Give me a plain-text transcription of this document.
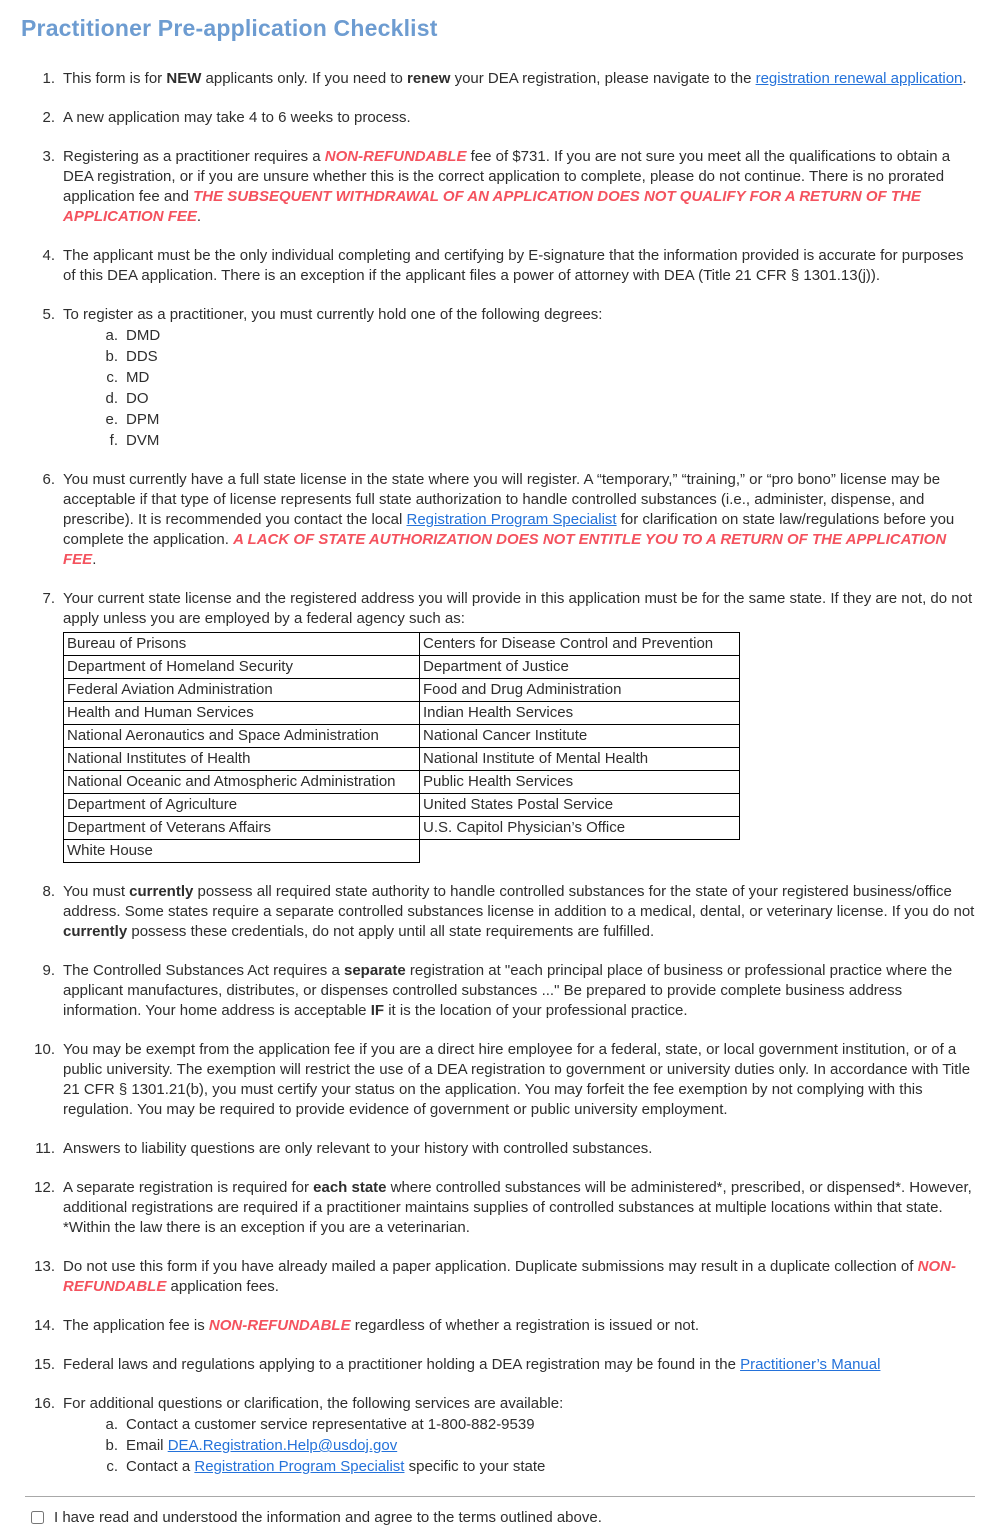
Practitioner Pre-application Checklist
1. This form is for NEW applicants only. If you need to renew your DEA registration, please navigate to the registration renewal application.

2. A new application may take 4 to 6 weeks to process.

3. Registering as a practitioner requires a NON-REFUNDABLE fee of $731. If you are not sure you meet all the qualifications to obtain a DEA registration, or if you are unsure whether this is the correct application to complete, please do not continue. There is no prorated application fee and THE SUBSEQUENT WITHDRAWAL OF AN APPLICATION DOES NOT QUALIFY FOR A RETURN OF THE APPLICATION FEE.

4. The applicant must be the only individual completing and certifying by E-signature that the information provided is accurate for purposes of this DEA application. There is an exception if the applicant files a power of attorney with DEA (Title 21 CFR § 1301.13(j)).

5. To register as a practitioner, you must currently hold one of the following degrees:

a. DMD
b. DDS
c. MD
d. DO
e. DPM
f. DVM
6. You must currently have a full state license in the state where you will register. A “temporary,” “training,” or “pro bono” license may be acceptable if that type of license represents full state authorization to handle controlled substances (i.e., administer, dispense, and prescribe). It is recommended you contact the local Registration Program Specialist for clarification on state law/regulations before you complete the application. A LACK OF STATE AUTHORIZATION DOES NOT ENTITLE YOU TO A RETURN OF THE APPLICATION FEE.

7. Your current state license and the registered address you will provide in this application must be for the same state. If they are not, do not apply unless you are employed by a federal agency such as:

Bureau of Prisons	Centers for Disease Control and Prevention
Department of Homeland Security	Department of Justice
Federal Aviation Administration	Food and Drug Administration
Health and Human Services	Indian Health Services
National Aeronautics and Space Administration	National Cancer Institute
National Institutes of Health	National Institute of Mental Health
National Oceanic and Atmospheric Administration	Public Health Services
Department of Agriculture	United States Postal Service
Department of Veterans Affairs	U.S. Capitol Physician’s Office
White House	
8. You must currently possess all required state authority to handle controlled substances for the state of your registered business/office address. Some states require a separate controlled substances license in addition to a medical, dental, or veterinary license. If you do not currently possess these credentials, do not apply until all state requirements are fulfilled.

9. The Controlled Substances Act requires a separate registration at "each principal place of business or professional practice where the applicant manufactures, distributes, or dispenses controlled substances ..." Be prepared to provide complete business address information. Your home address is acceptable IF it is the location of your professional practice.

10. You may be exempt from the application fee if you are a direct hire employee for a federal, state, or local government institution, or of a public university. The exemption will restrict the use of a DEA registration to government or university duties only. In accordance with Title 21 CFR § 1301.21(b), you must certify your status on the application. You may forfeit the fee exemption by not complying with this regulation. You may be required to provide evidence of government or public university employment.

11. Answers to liability questions are only relevant to your history with controlled substances.

12. A separate registration is required for each state where controlled substances will be administered*, prescribed, or dispensed*. However, additional registrations are required if a practitioner maintains supplies of controlled substances at multiple locations within that state.

*Within the law there is an exception if you are a veterinarian.

13. Do not use this form if you have already mailed a paper application. Duplicate submissions may result in a duplicate collection of NON-REFUNDABLE application fees.

14. The application fee is NON-REFUNDABLE regardless of whether a registration is issued or not.

15. Federal laws and regulations applying to a practitioner holding a DEA registration may be found in the Practitioner’s Manual

16. For additional questions or clarification, the following services are available:

a. Contact a customer service representative at 1-800-882-9539
b. Email DEA.Registration.Help@usdoj.gov
c. Contact a Registration Program Specialist specific to your state
I have read and understood the information and agree to the terms outlined above.
